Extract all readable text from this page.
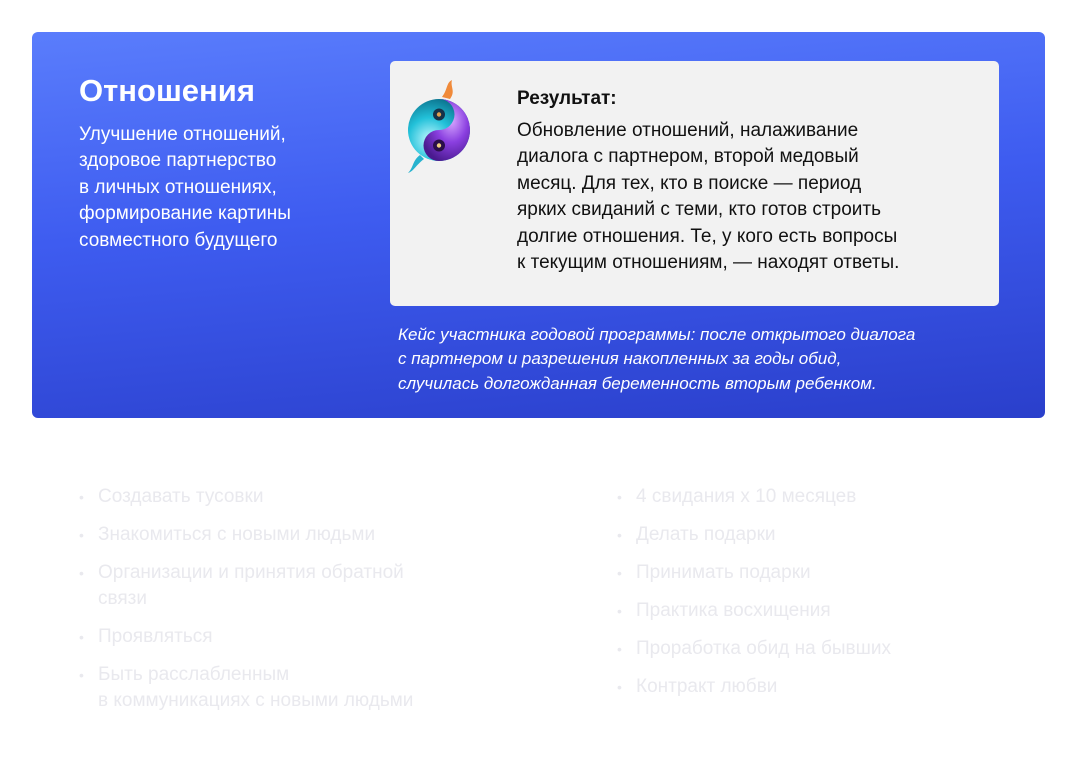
Отношения
Улучшение отношений,
здоровое партнерство
в личных отношениях,
формирование картины
совместного будущего
Результат:
Обновление отношений, налаживание
диалога с партнером, второй медовый
месяц. Для тех, кто в поиске — период
ярких свиданий с теми, кто готов строить
долгие отношения. Те, у кого есть вопросы
к текущим отношениям, — находят ответы.
Кейс участника годовой программы: после открытого диалога
с партнером и разрешения накопленных за годы обид,
случилась долгожданная беременность вторым ребенком.
• Создавать тусовки
• Знакомиться с новыми людьми
• Организации и принятия обратной
связи
• Проявляться
• Быть расслабленным
в коммуникациях с новыми людьми
• 4 свидания х 10 месяцев
• Делать подарки
• Принимать подарки
• Практика восхищения
• Проработка обид на бывших
• Контракт любви
